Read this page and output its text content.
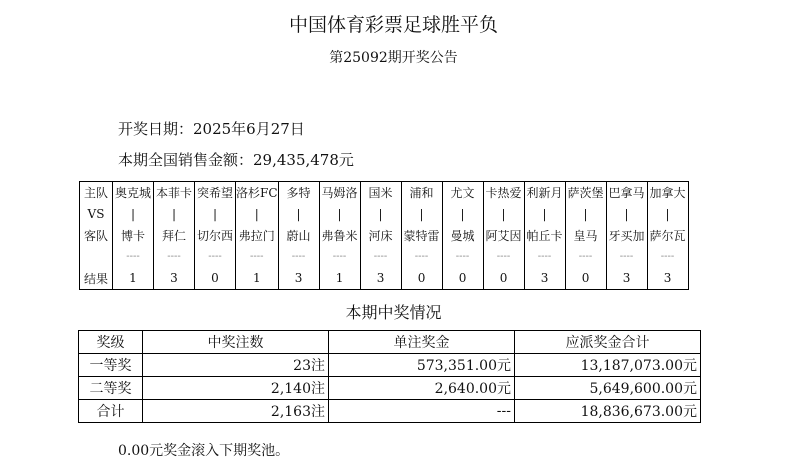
中国体育彩票足球胜平负
第25092期开奖公告
开奖日期：2025年6月27日
本期全国销售金额：29,435,478元
主队	奥克城	本菲卡	突希望	洛杉FC	多特	马姆洛	国米	浦和	尤文	卡热爱	利新月	萨茨堡	巴拿马	加拿大
VS	|	|	|	|	|	|	|	|	|	|	|	|	|	|
客队	博卡	拜仁	切尔西	弗拉门	蔚山	弗鲁米	河床	蒙特雷	曼城	阿艾因	帕丘卡	皇马	牙买加	萨尔瓦
	----	----	----	----	----	----	----	----	----	----	----	----	----	----
结果	1	3	0	1	3	1	3	0	0	0	3	0	3	3
本期中奖情况
奖级	中奖注数	单注奖金	应派奖金合计
一等奖	23注	573,351.00元	13,187,073.00元
二等奖	2,140注	2,640.00元	5,649,600.00元
合计	2,163注	---	18,836,673.00元
0.00元奖金滚入下期奖池。
